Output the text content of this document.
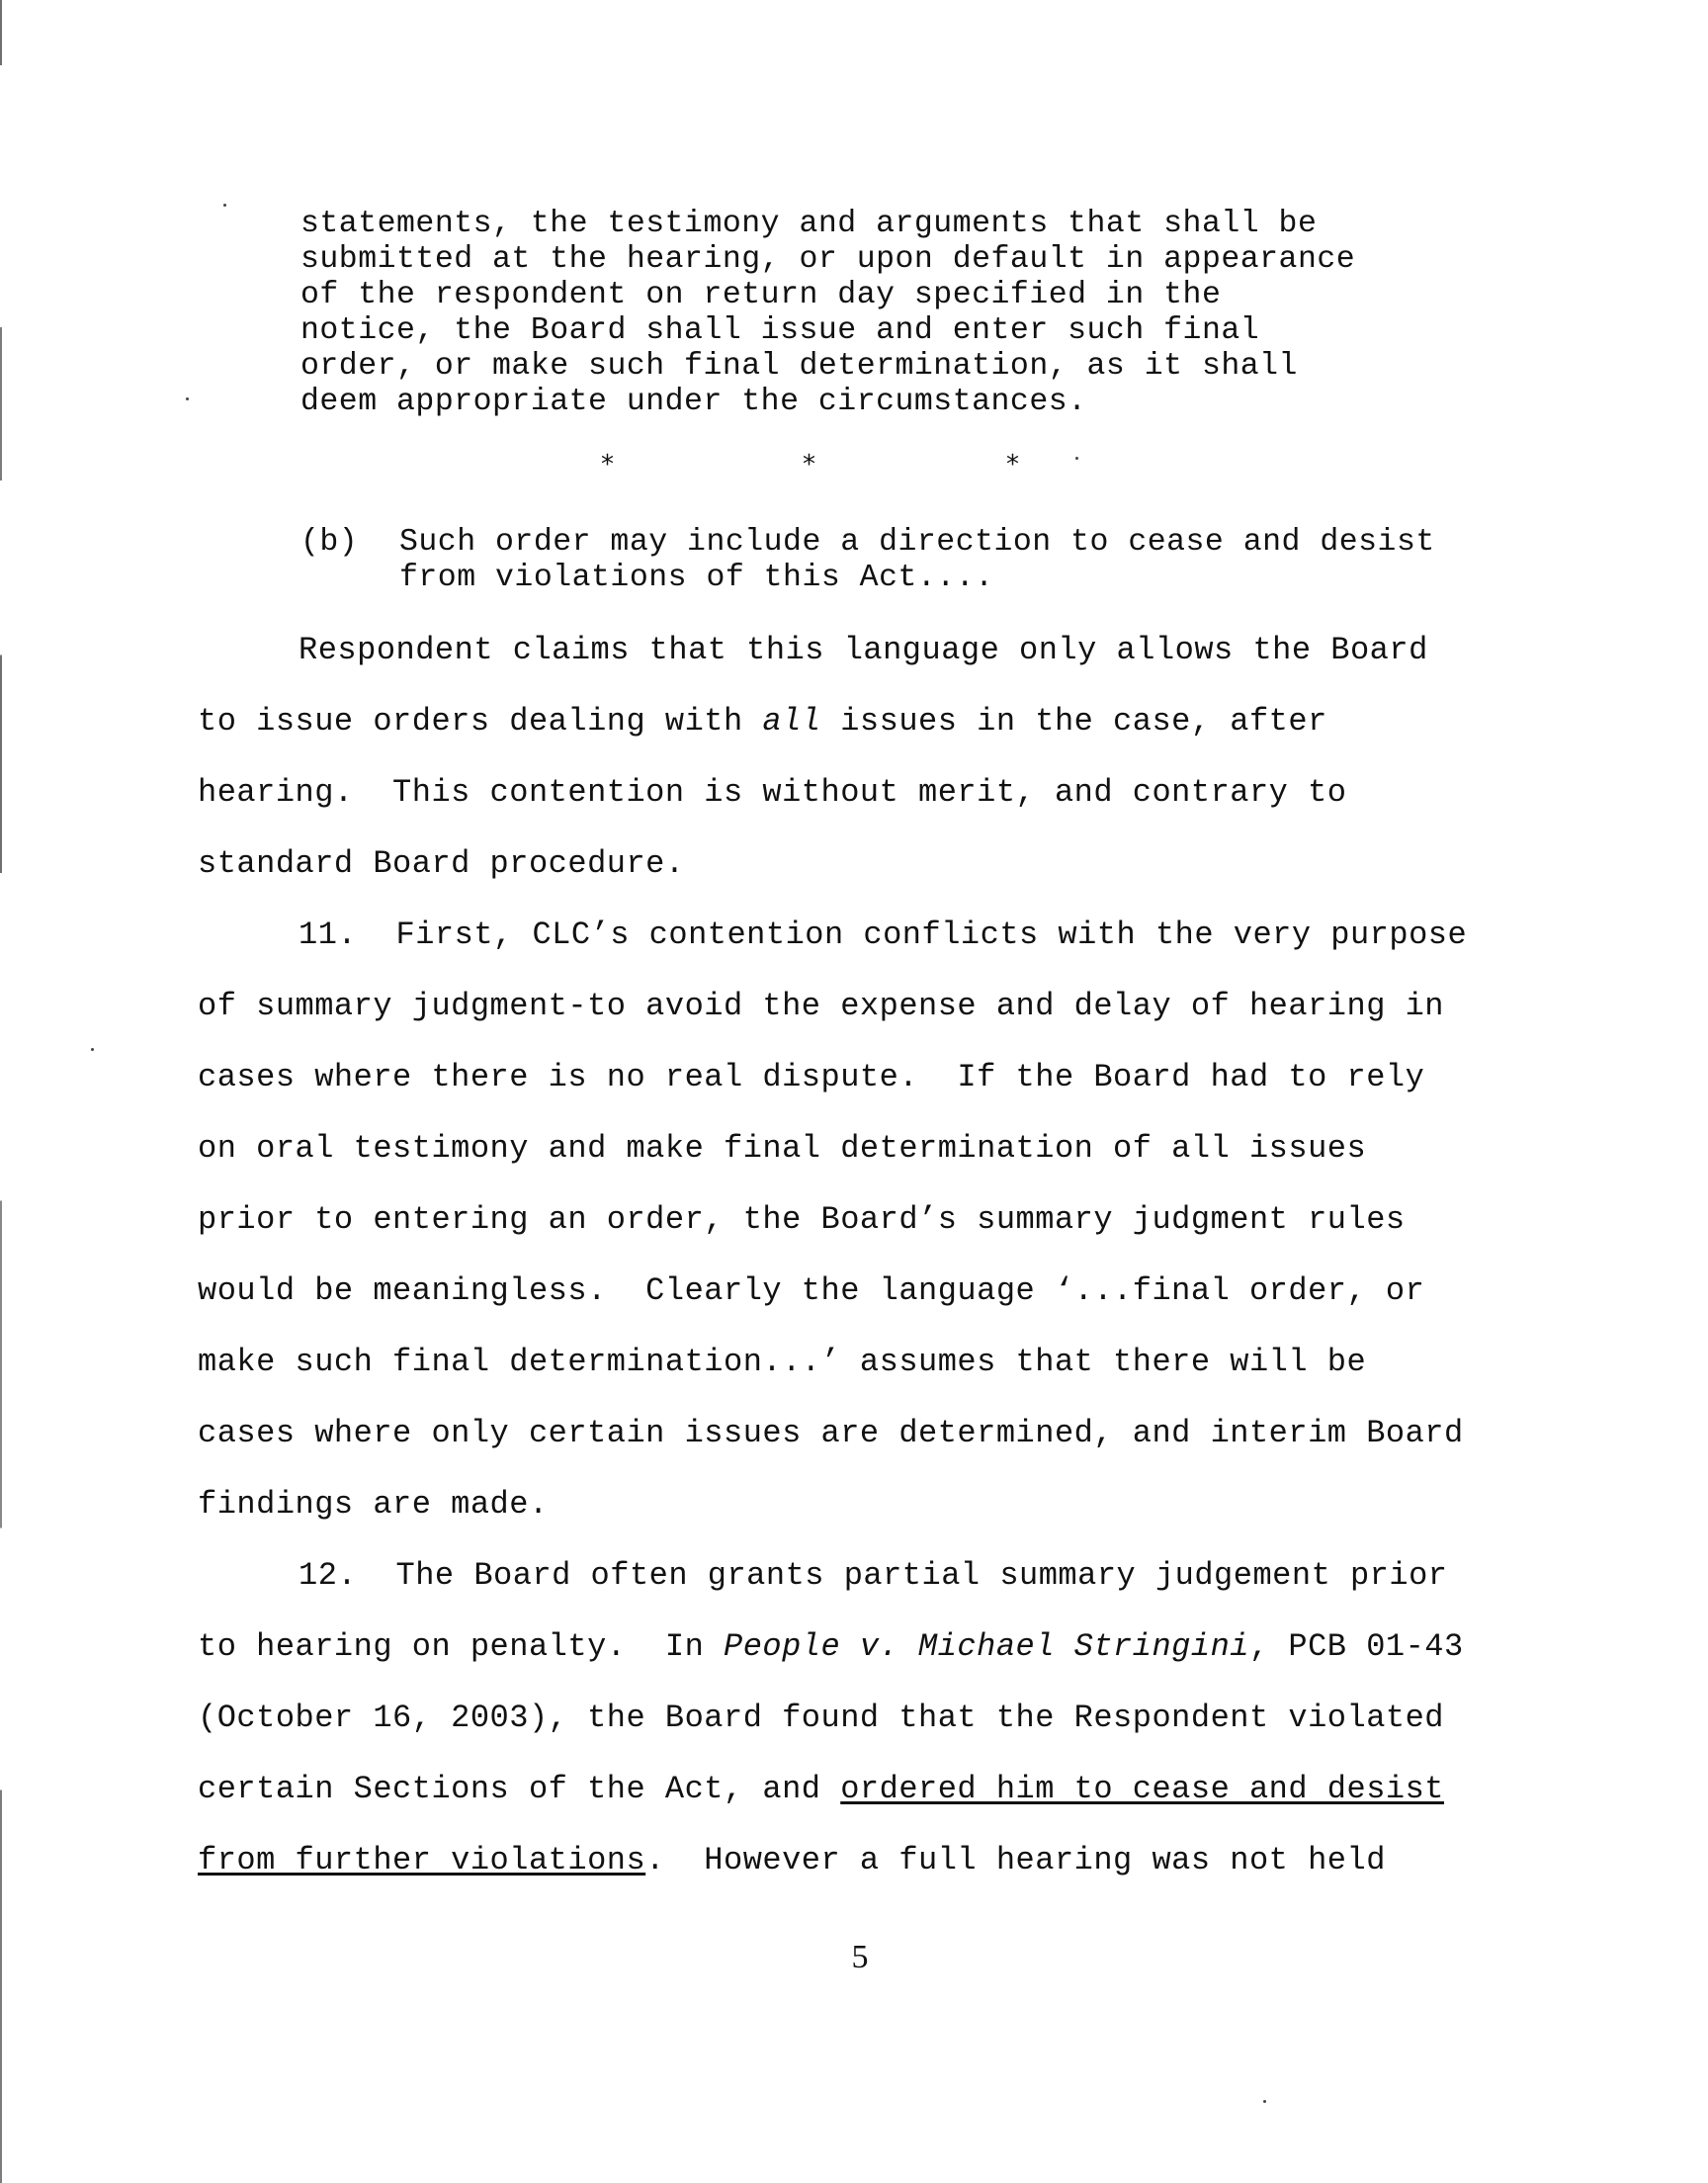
statements, the testimony and arguments that shall be
submitted at the hearing, or upon default in appearance
of the respondent on return day specified in the
notice, the Board shall issue and enter such final
order, or make such final determination, as it shall
deem appropriate under the circumstances.
*	*	*
(b) Such order may include a direction to cease and desist
from violations of this Act....
Respondent claims that this language only allows the Board
to issue orders dealing with all issues in the case, after
hearing.  This contention is without merit, and contrary to
standard Board procedure.
11.  First, CLC’s contention conflicts with the very purpose
of summary judgment-to avoid the expense and delay of hearing in
cases where there is no real dispute.  If the Board had to rely
on oral testimony and make final determination of all issues
prior to entering an order, the Board’s summary judgment rules
would be meaningless.  Clearly the language ‘...final order, or
make such final determination...’ assumes that there will be
cases where only certain issues are determined, and interim Board
findings are made.
12.  The Board often grants partial summary judgement prior
to hearing on penalty.  In People v. Michael Stringini, PCB 01-43
(October 16, 2003), the Board found that the Respondent violated
certain Sections of the Act, and ordered him to cease and desist
from further violations.  However a full hearing was not held
5
